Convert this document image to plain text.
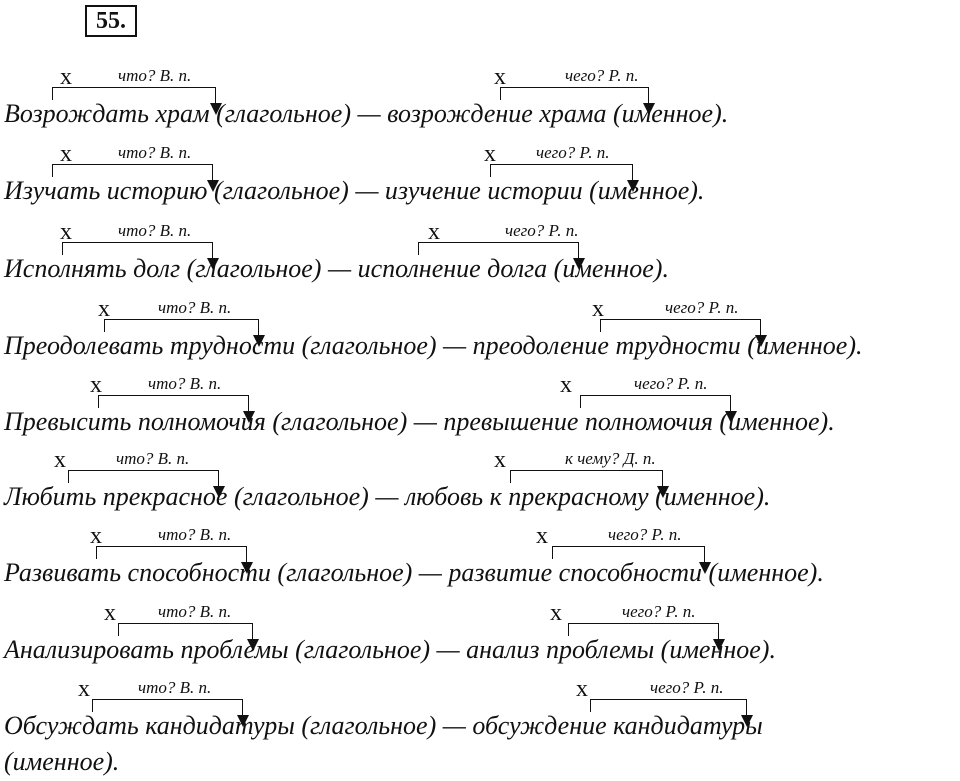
55.
x	что? В. п.	x	чего? Р. п.
Возрождать храм (глагольное) — возрождение храма (именное).
x	что? В. п.	x чего? Р. п.
Изучать историю (глагольное) — изучение истории (именное).
x	что? В. п.	x	чего? Р. п.
Исполнять долг (глагольное) — исполнение долга (именное).
x	что? В. п.	x	чего? Р. п.
Преодолевать трудности (глагольное) — преодоление трудности (именное).
x	что? В. п.	x	чего? Р. п.
Превысить полномочия (глагольное) — превышение полномочия (именное).
x	что? В. п.	x	к чему? Д. п.
Любить прекрасное (глагольное) — любовь к прекрасному (именное).
x	что? В. п.	x	чего? Р. п.
Развивать способности (глагольное) — развитие способности (именное).
x что? В. п.	x	чего? Р. п.
Анализировать проблемы (глагольное) — анализ проблемы (именное).
x	что? В. п.	x	чего? Р. п.
Обсуждать кандидатуры (глагольное) — обсуждение кандидатуры
(именное).
